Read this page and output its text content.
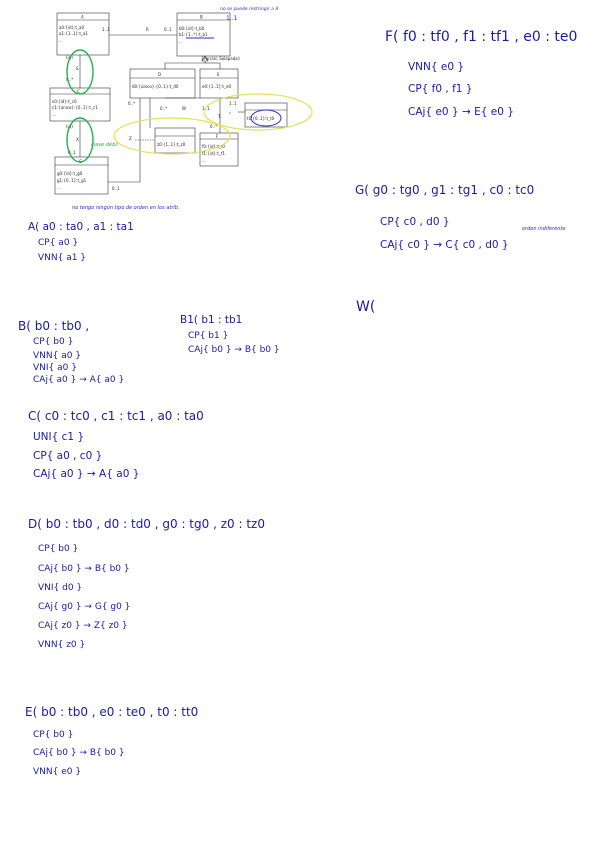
A
a0:{id}:t_a0
a1:{1..1}:t_a1
...
B
b0:{id}:t_b0
b1:{1..*}:t_b1
...
C
c0:{id}:t_c0
c1:{único}:{0..1}:t_c1
...
D
d0:{único}:{0..1}:t_d0
E
e0:{1..1}:t_e0
F
f0:{id}:t_f0
f1:{id}:t_f1
...
G
g0:{id}:t_g0
g1:{0..1}:t_g1
...
z0:{1..1}:t_z0
t0:{0..1}:t_t0
1..1	R	0..1
(id)
S
0..*
(id)
X
0..1
0..1
0..*
0..*	W	1..1
Z
T
0..*
1..1
{Parcial, Solapada}
clave débil
no se puede restringir a A
1..1
no tengo ningún tipo de orden en los atrib.
A( a0 : ta0 , a1 : ta1
CP{ a0 }
VNN{ a1 }
B( b0 : tb0 ,
CP{ b0 }
VNN{ a0 }
VNI{ a0 }
CAj{ a0 } → A{ a0 }
B1( b1 : tb1
CP{ b1 }
CAj{ b0 } → B{ b0 }
C( c0 : tc0 , c1 : tc1 , a0 : ta0
UNI{ c1 }
CP{ a0 , c0 }
CAj{ a0 } → A{ a0 }
D( b0 : tb0 , d0 : td0 , g0 : tg0 , z0 : tz0
CP{ b0 }
CAj{ b0 } → B{ b0 }
VNI{ d0 }
CAj{ g0 } → G{ g0 }
CAj{ z0 } → Z{ z0 }
VNN{ z0 }
E( b0 : tb0 , e0 : te0 , t0 : tt0
CP{ b0 }
CAj{ b0 } → B{ b0 }
VNN{ e0 }
F( f0 : tf0 , f1 : tf1 , e0 : te0
VNN{ e0 }
CP{ f0 , f1 }
CAj{ e0 } → E{ e0 }
G( g0 : tg0 , g1 : tg1 , c0 : tc0
CP{ c0 , d0 }
CAj{ c0 } → C{ c0 , d0 }
orden indiferente
W(
